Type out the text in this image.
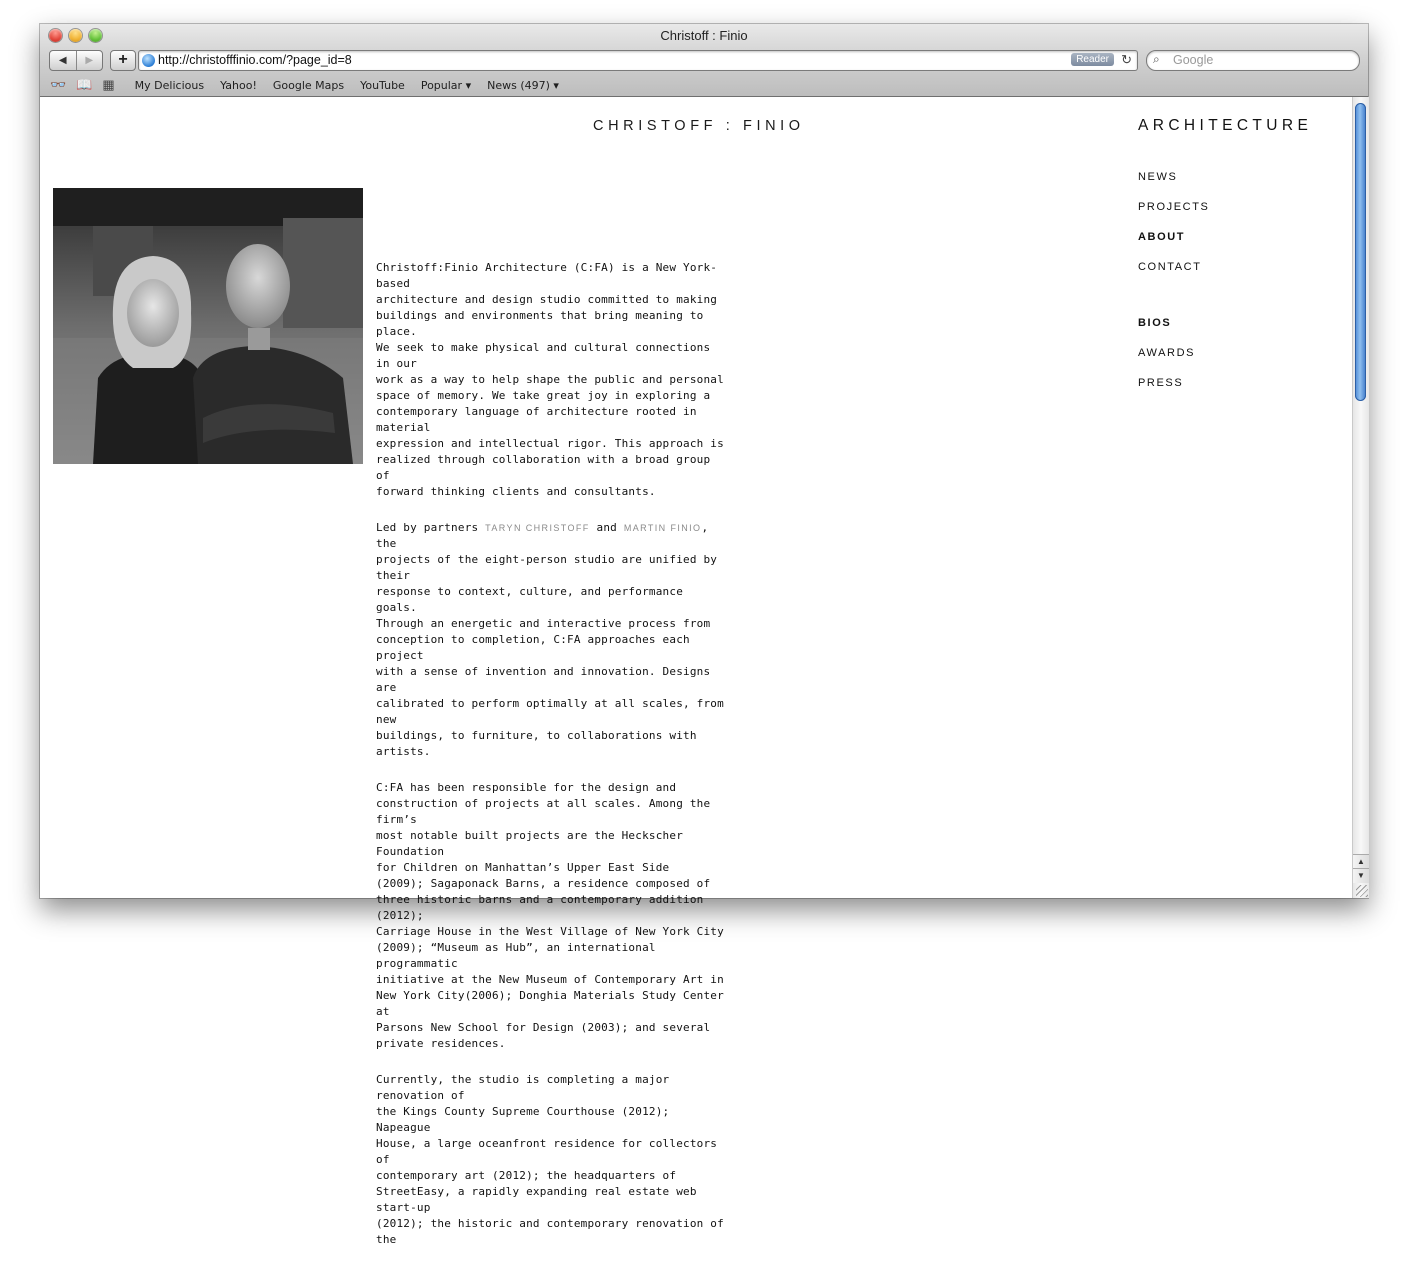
Christoff : Finio
◀	▶	+	http://christofffinio.com/?page_id=8	Reader ↻ ⌕ Google
👓 📖 ▦ My Delicious Yahoo! Google Maps YouTube Popular ▾ News (497) ▾
CHRISTOFF : FINIO	ARCHITECTURE
NEWS
PROJECTS
ABOUT
CONTACT
BIOS
AWARDS
PRESS

Christoff:Finio Architecture (C:FA) is a New York-based
architecture and design studio committed to making
buildings and environments that bring meaning to place.
We seek to make physical and cultural connections in our
work as a way to help shape the public and personal
space of memory. We take great joy in exploring a
contemporary language of architecture rooted in material
expression and intellectual rigor. This approach is
realized through collaboration with a broad group of
forward thinking clients and consultants.

Led by partners TARYN CHRISTOFF and MARTIN FINIO, the
projects of the eight-person studio are unified by their
response to context, culture, and performance goals.
Through an energetic and interactive process from
conception to completion, C:FA approaches each project
with a sense of invention and innovation. Designs are
calibrated to perform optimally at all scales, from new
buildings, to furniture, to collaborations with artists.

C:FA has been responsible for the design and
construction of projects at all scales. Among the firm’s
most notable built projects are the Heckscher Foundation
for Children on Manhattan’s Upper East Side
(2009); Sagaponack Barns, a residence composed of
three historic barns and a contemporary addition (2012);
Carriage House in the West Village of New York City
(2009); “Museum as Hub”, an international programmatic
initiative at the New Museum of Contemporary Art in
New York City(2006); Donghia Materials Study Center at
Parsons New School for Design (2003); and several
private residences.

Currently, the studio is completing a major renovation of
the Kings County Supreme Courthouse (2012); Napeague
House, a large oceanfront residence for collectors of
contemporary art (2012); the headquarters of
StreetEasy, a rapidly expanding real estate web start-up
(2012); the historic and contemporary renovation of the

▲
▼
